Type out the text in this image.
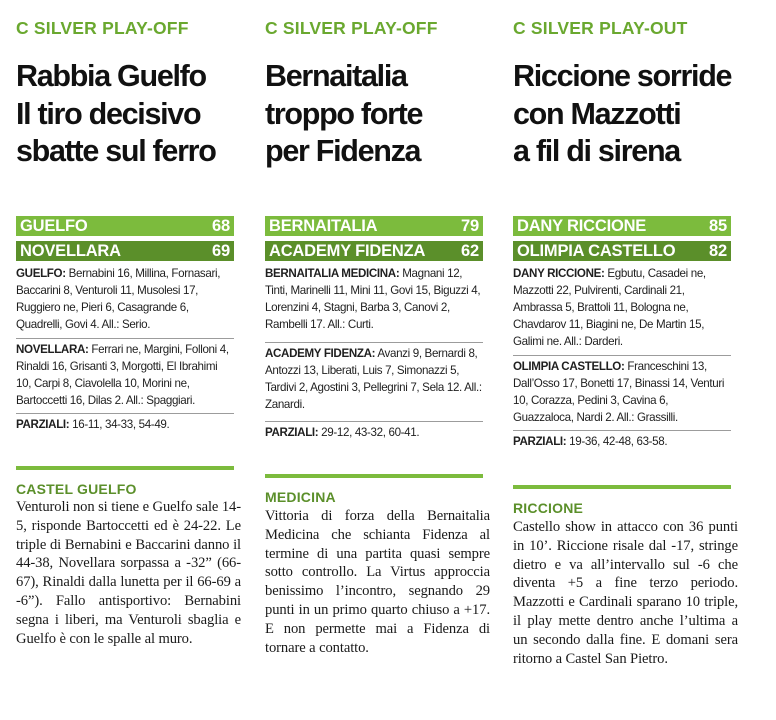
C SILVER PLAY-OFF
Rabbia Guelfo
Il tiro decisivo
sbatte sul ferro
GUELFO	68
NOVELLARA	69
GUELFO: Bernabini 16, Millina, Fornasari, Baccarini 8, Venturoli 11, Musolesi 17, Ruggiero ne, Pieri 6, Casagrande 6, Quadrelli, Govi 4. All.: Serio.
NOVELLARA: Ferrari ne, Margini, Folloni 4, Rinaldi 16, Grisanti 3, Morgotti, El Ibrahimi 10, Carpi 8, Ciavolella 10, Morini ne, Bartoccetti 16, Dilas 2. All.: Spaggiari.
PARZIALI: 16-11, 34-33, 54-49.
CASTEL GUELFO
Venturoli non si tiene e Guelfo sale 14-5, risponde Bartoccetti ed è 24-22. Le triple di Bernabini e Baccarini danno il 44-38, Novellara sorpassa a -32” (66-67), Rinaldi dalla lunetta per il 66-69 a -6”). Fallo antisportivo: Bernabini segna i liberi, ma Venturoli sbaglia e Guelfo è con le spalle al muro.
C SILVER PLAY-OFF
Bernaitalia
troppo forte
per Fidenza
BERNAITALIA	79
ACADEMY FIDENZA 62
BERNAITALIA MEDICINA: Magnani 12, Tinti, Marinelli 11, Mini 11, Govi 15, Biguzzi 4, Lorenzini 4, Stagni, Barba 3, Canovi 2, Rambelli 17. All.: Curti.
ACADEMY FIDENZA: Avanzi 9, Bernardi 8, Antozzi 13, Liberati, Luis 7, Simonazzi 5, Tardivi 2, Agostini 3, Pellegrini 7, Sela 12. All.: Zanardi.
PARZIALI: 29-12, 43-32, 60-41.
MEDICINA
Vittoria di forza della Bernaitalia Medicina che schianta Fidenza al termine di una partita quasi sempre sotto controllo. La Virtus approccia benissimo l’incontro, segnando 29 punti in un primo quarto chiuso a +17. E non permette mai a Fidenza di tornare a contatto.
C SILVER PLAY-OUT
Riccione sorride
con Mazzotti
a fil di sirena
DANY RICCIONE	85
OLIMPIA CASTELLO 82
DANY RICCIONE: Egbutu, Casadei ne, Mazzotti 22, Pulvirenti, Cardinali 21, Ambrassa 5, Brattoli 11, Bologna ne, Chavdarov 11, Biagini ne, De Martin 15, Galimi ne. All.: Darderi.
OLIMPIA CASTELLO: Franceschini 13, Dall’Osso 17, Bonetti 17, Binassi 14, Venturi 10, Corazza, Pedini 3, Cavina 6, Guazzaloca, Nardi 2. All.: Grassilli.
PARZIALI: 19-36, 42-48, 63-58.
RICCIONE
Castello show in attacco con 36 punti in 10’. Riccione risale dal -17, stringe dietro e va all’intervallo sul -6 che diventa +5 a fine terzo periodo. Mazzotti e Cardinali sparano 10 triple, il play mette dentro anche l’ultima a un secondo dalla fine. E domani sera ritorno a Castel San Pietro.
